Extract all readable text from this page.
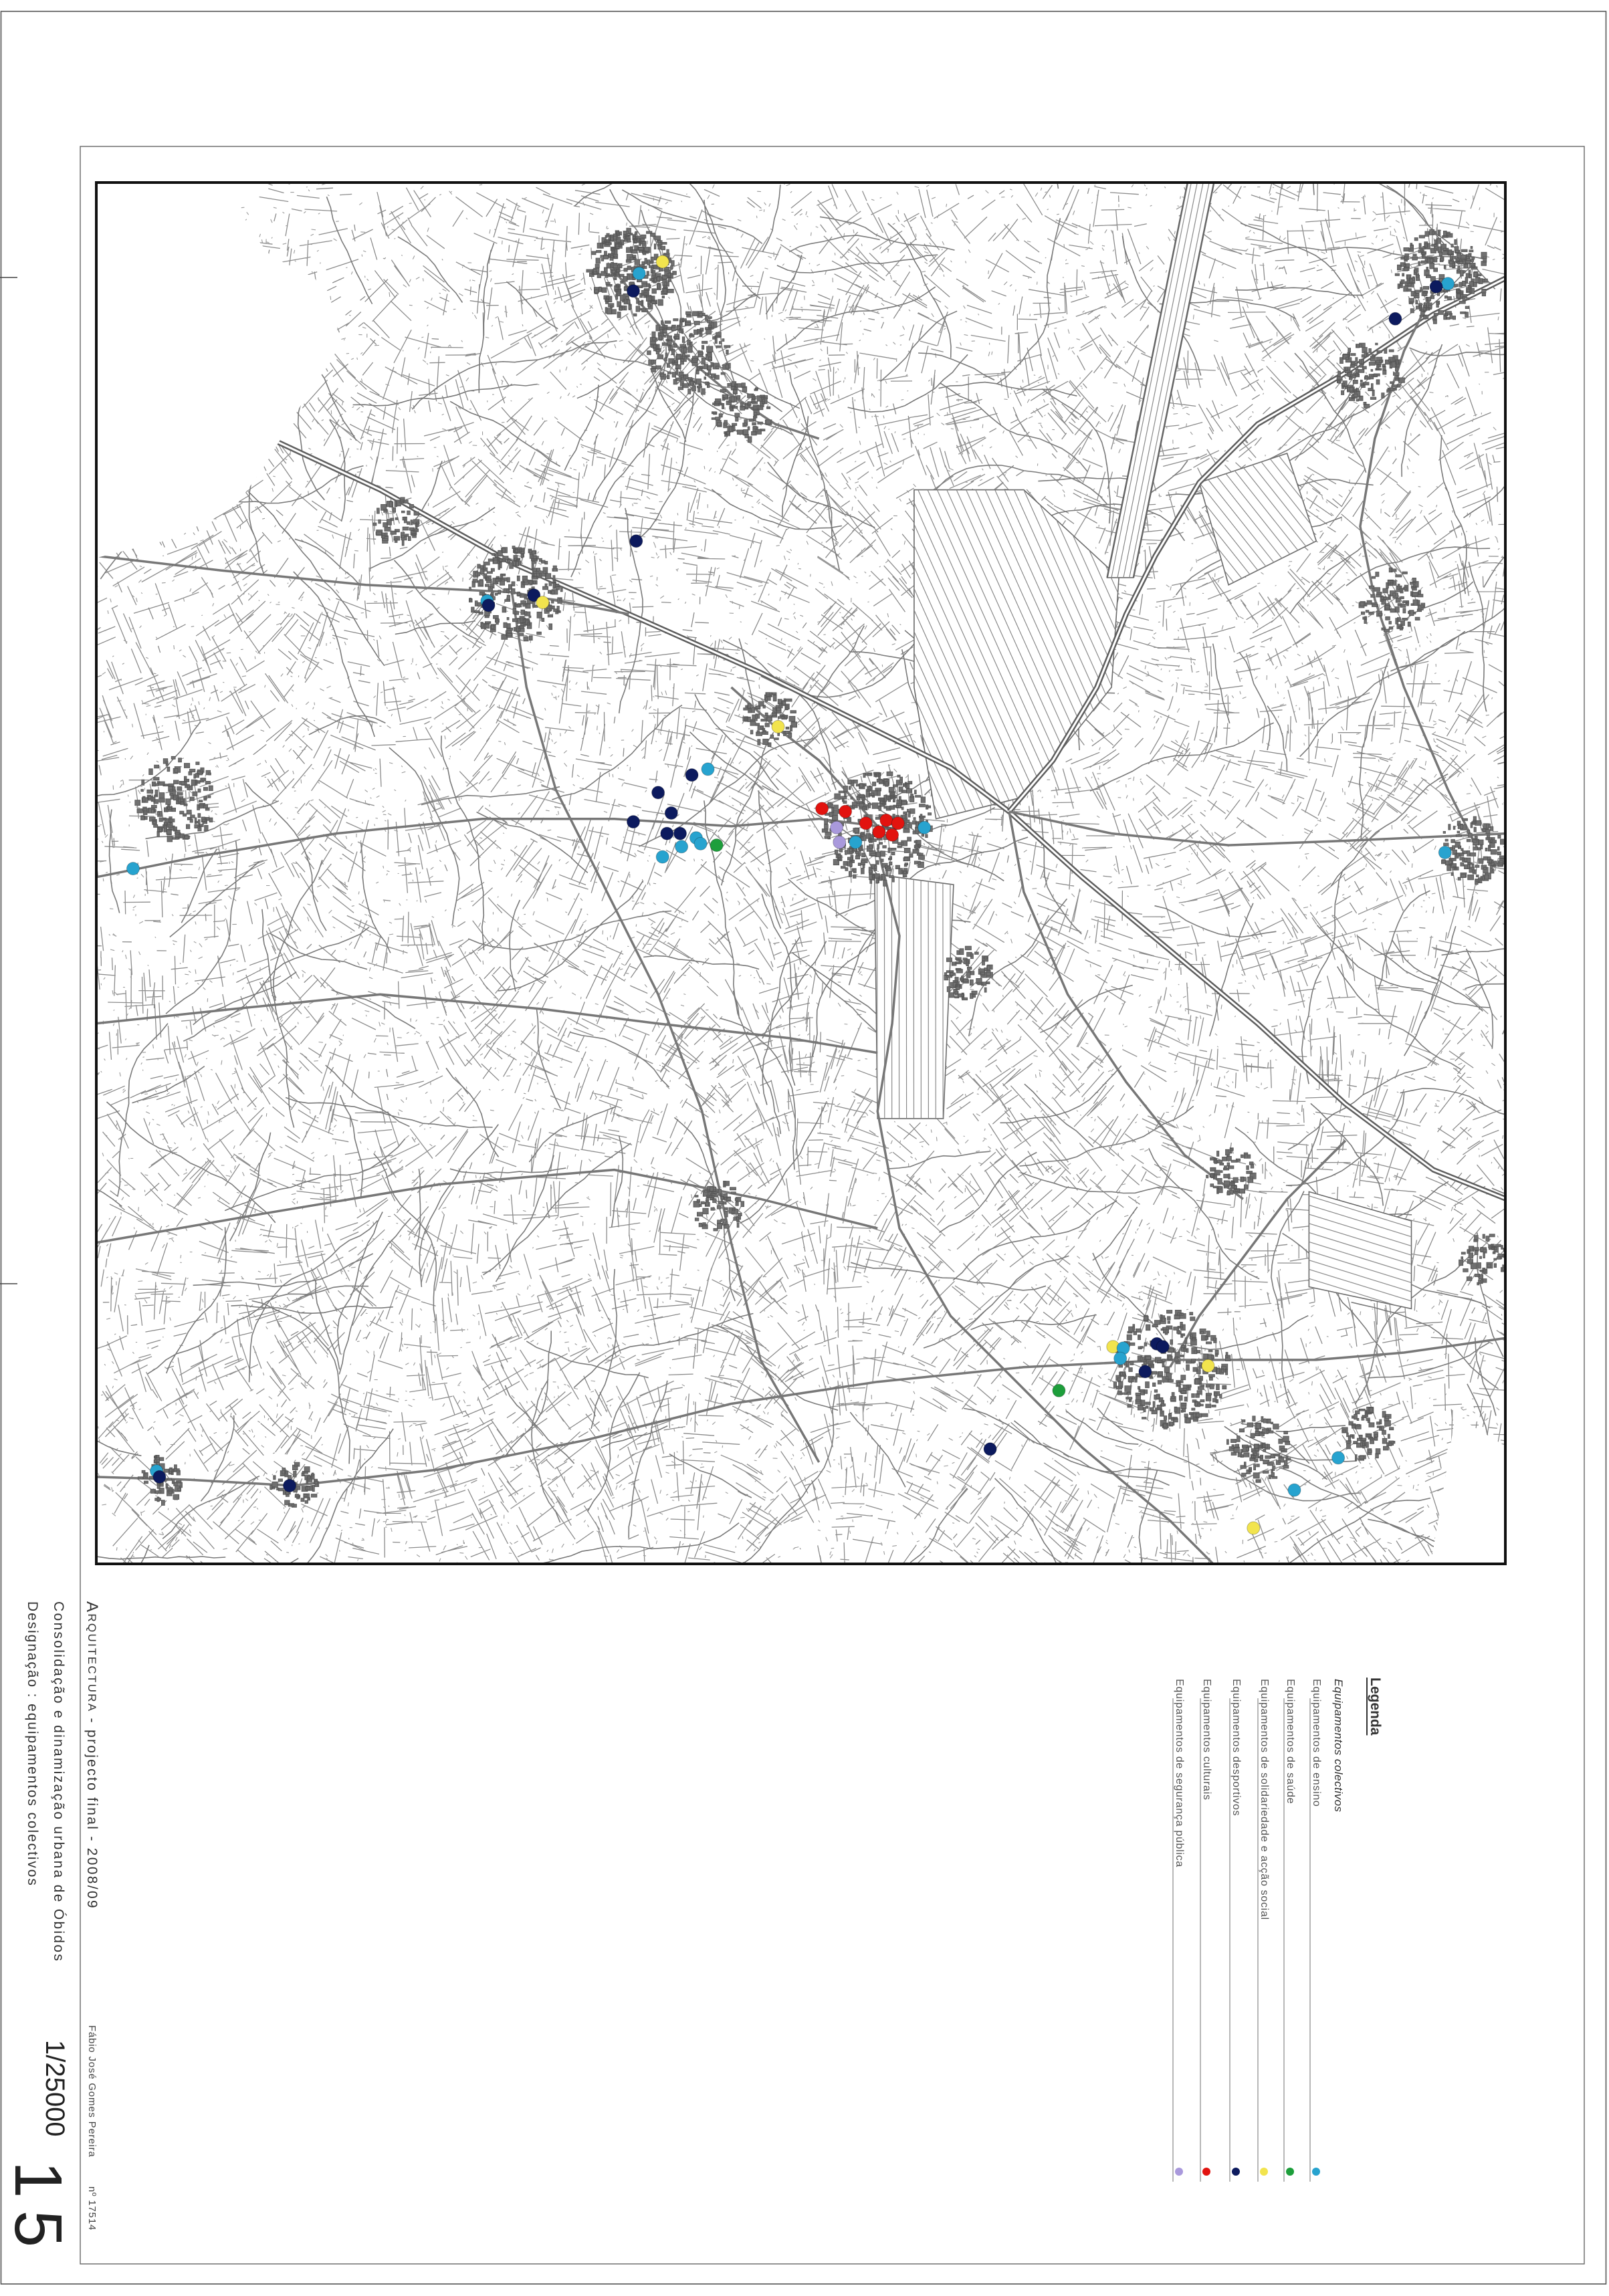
Legenda
Equipamentos colectivos
Equipamentos de ensino
Equipamentos de saúde
Equipamentos de solidariedade e acção social
Equipamentos desportivos
Equipamentos culturais
Equipamentos de segurança pública
ARQUITECTURA - projecto final - 2008/09
Consolidação e dinamização urbana de Óbidos
Designação : equipamentos colectivos
Fábio José Gomes Pereira
nº 17514
1/25000
15
